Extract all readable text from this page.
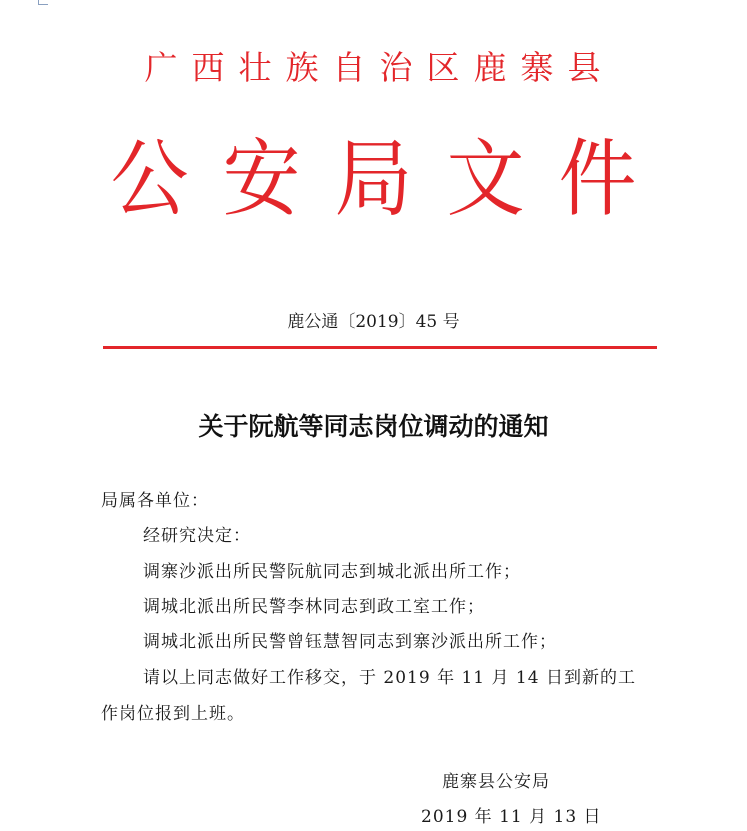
广西壮族自治区鹿寨县
公安局文件
鹿公通〔2019〕45 号
关于阮航等同志岗位调动的通知
局属各单位：
经研究决定：
调寨沙派出所民警阮航同志到城北派出所工作；
调城北派出所民警李林同志到政工室工作；
调城北派出所民警曾钰慧智同志到寨沙派出所工作；
请以上同志做好工作移交，于 2019 年 11 月 14 日到新的工
作岗位报到上班。
鹿寨县公安局
2019 年 11 月 13 日
